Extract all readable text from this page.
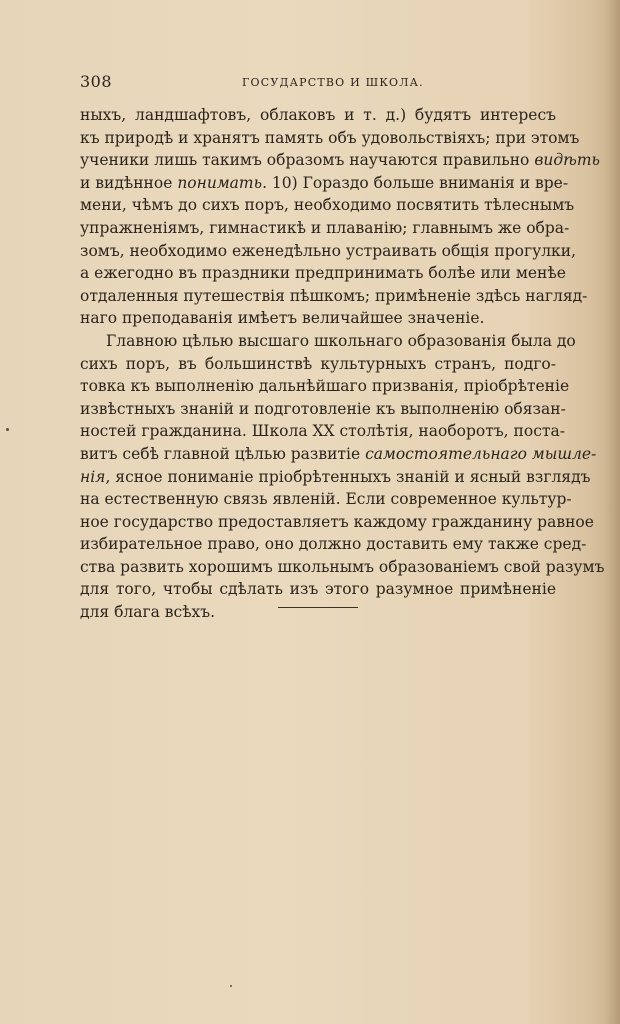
308	ГОСУДАРСТВО И ШКОЛА.
ныхъ, ландшафтовъ, облаковъ и т. д.) будятъ интересъ
къ природѣ и хранятъ память объ удовольствіяхъ; при этомъ
ученики лишь такимъ образомъ научаются правильно видѣть
и видѣнное понимать. 10) Гораздо больше вниманія и вре-
мени, чѣмъ до сихъ поръ, необходимо посвятить тѣлеснымъ
упражненіямъ, гимнастикѣ и плаванію; главнымъ же обра-
зомъ, необходимо еженедѣльно устраивать общія прогулки,
а ежегодно въ праздники предпринимать болѣе или менѣе
отдаленныя путешествія пѣшкомъ; примѣненіе здѣсь нагляд-
наго преподаванія имѣетъ величайшее значеніе.
Главною цѣлью высшаго школьнаго образованія была до
сихъ поръ, въ большинствѣ культурныхъ странъ, подго-
товка къ выполненію дальнѣйшаго призванія, пріобрѣтеніе
извѣстныхъ знаній и подготовленіе къ выполненію обязан-
ностей гражданина. Школа XX столѣтія, наоборотъ, поста-
витъ себѣ главной цѣлью развитіе самостоятельнаго мышле-
нія, ясное пониманіе пріобрѣтенныхъ знаній и ясный взглядъ
на естественную связь явленій. Если современное культур-
ное государство предоставляетъ каждому гражданину равное
избирательное право, оно должно доставить ему также сред-
ства развить хорошимъ школьнымъ образованіемъ свой разумъ
для того, чтобы сдѣлать изъ этого разумное примѣненіе
для блага всѣхъ.
